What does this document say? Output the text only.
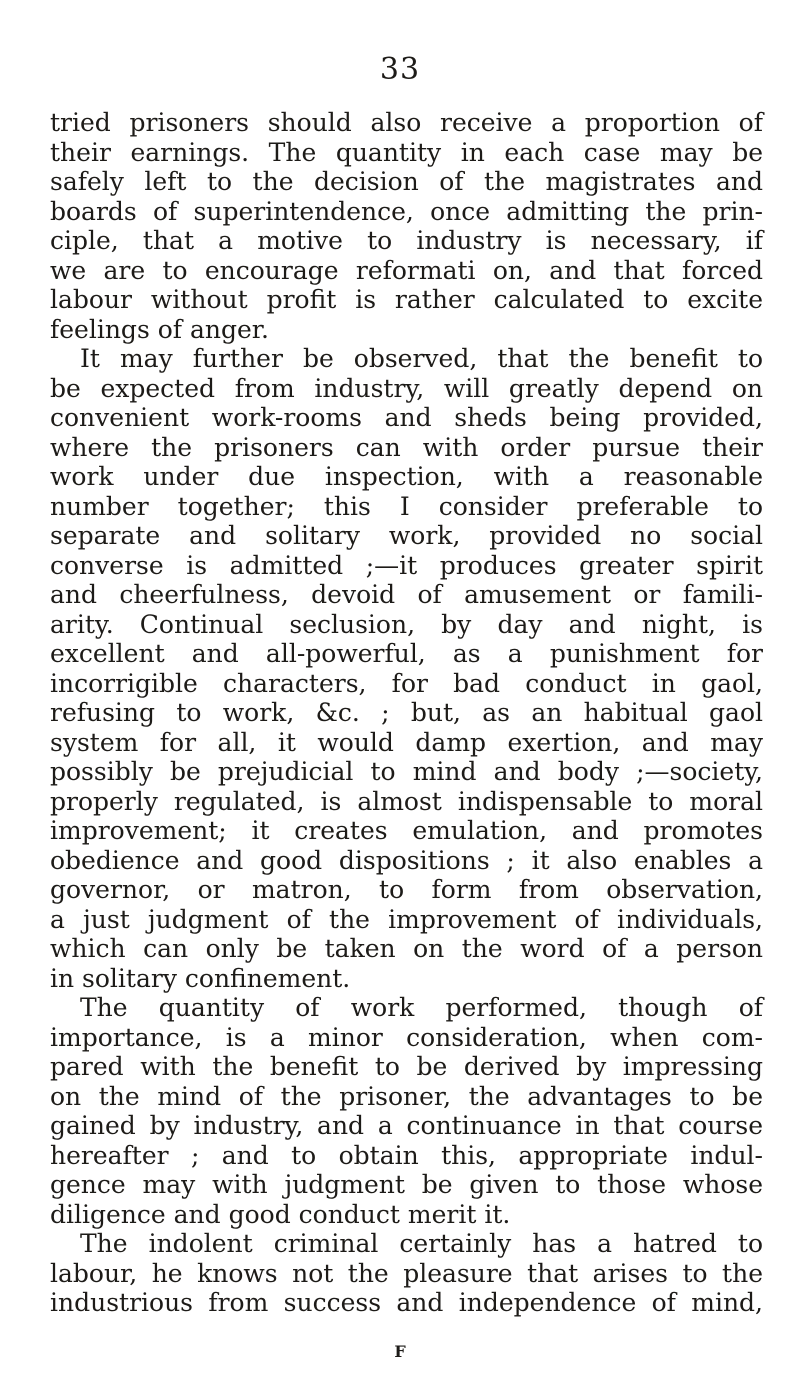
33
tried prisoners should also receive a proportion of
their earnings. The quantity in each case may be
safely left to the decision of the magistrates and
boards of superintendence, once admitting the prin-
ciple, that a motive to industry is necessary, if
we are to encourage reformati on, and that forced
labour without profit is rather calculated to excite
feelings of anger.
It may further be observed, that the benefit to
be expected from industry, will greatly depend on
convenient work-rooms and sheds being provided,
where the prisoners can with order pursue their
work under due inspection, with a reasonable
number together; this I consider preferable to
separate and solitary work, provided no social
converse is admitted ;—it produces greater spirit
and cheerfulness, devoid of amusement or famili-
arity. Continual seclusion, by day and night, is
excellent and all-powerful, as a punishment for
incorrigible characters, for bad conduct in gaol,
refusing to work, &c. ; but, as an habitual gaol
system for all, it would damp exertion, and may
possibly be prejudicial to mind and body ;—society,
properly regulated, is almost indispensable to moral
improvement; it creates emulation, and promotes
obedience and good dispositions ; it also enables a
governor, or matron, to form from observation,
a just judgment of the improvement of individuals,
which can only be taken on the word of a person
in solitary confinement.
The quantity of work performed, though of
importance, is a minor consideration, when com-
pared with the benefit to be derived by impressing
on the mind of the prisoner, the advantages to be
gained by industry, and a continuance in that course
hereafter ; and to obtain this, appropriate indul-
gence may with judgment be given to those whose
diligence and good conduct merit it.
The indolent criminal certainly has a hatred to
labour, he knows not the pleasure that arises to the
industrious from success and independence of mind,
F
